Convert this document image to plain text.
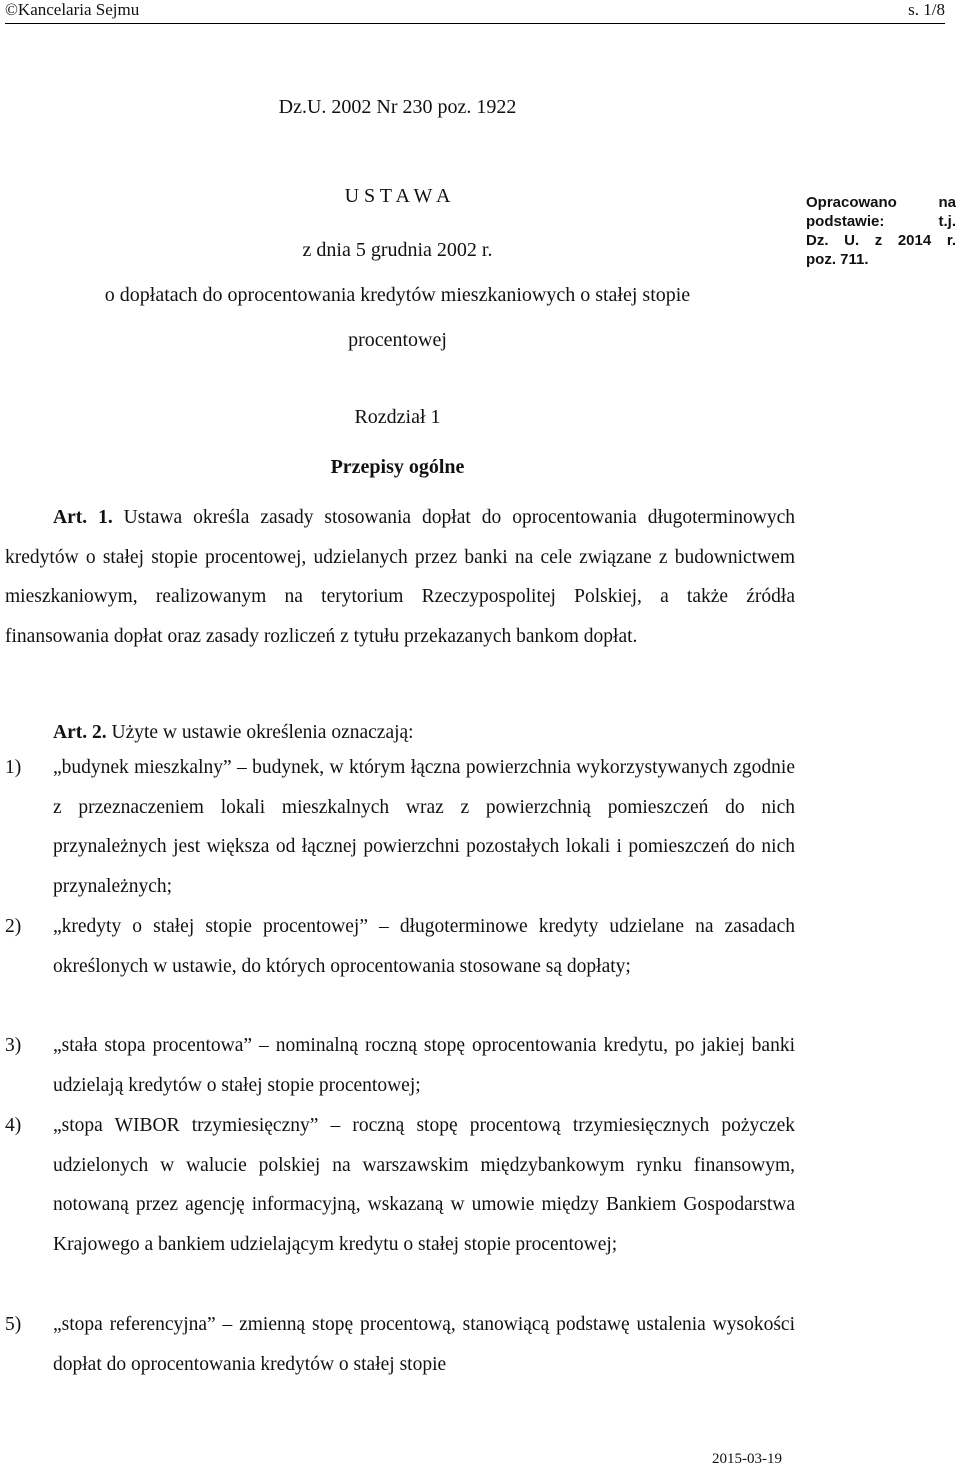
©Kancelaria Sejmu	s. 1/8
Dz.U. 2002 Nr 230 poz. 1922
U S T A W A
z dnia 5 grudnia 2002 r.
o dopłatach do oprocentowania kredytów mieszkaniowych o stałej stopie
procentowej
Opracowano na
podstawie: t.j.
Dz. U. z 2014 r.
poz. 711.
Rozdział 1
Przepisy ogólne
Art. 1. Ustawa określa zasady stosowania dopłat do oprocentowania długoterminowych kredytów o stałej stopie procentowej, udzielanych przez banki na cele związane z budownictwem mieszkaniowym, realizowanym na terytorium Rzeczypospolitej Polskiej, a także źródła finansowania dopłat oraz zasady rozliczeń z tytułu przekazanych bankom dopłat.
Art. 2. Użyte w ustawie określenia oznaczają:
1) „budynek mieszkalny” – budynek, w którym łączna powierzchnia wykorzystywanych zgodnie z przeznaczeniem lokali mieszkalnych wraz z powierzchnią pomieszczeń do nich przynależnych jest większa od łącznej powierzchni pozostałych lokali i pomieszczeń do nich przynależnych;
2) „kredyty o stałej stopie procentowej” – długoterminowe kredyty udzielane na zasadach określonych w ustawie, do których oprocentowania stosowane są dopłaty;
3) „stała stopa procentowa” – nominalną roczną stopę oprocentowania kredytu, po jakiej banki udzielają kredytów o stałej stopie procentowej;
4) „stopa WIBOR trzymiesięczny” – roczną stopę procentową trzymiesięcznych pożyczek udzielonych w walucie polskiej na warszawskim międzybankowym rynku finansowym, notowaną przez agencję informacyjną, wskazaną w umowie między Bankiem Gospodarstwa Krajowego a bankiem udzielającym kredytu o stałej stopie procentowej;
5) „stopa referencyjna” – zmienną stopę procentową, stanowiącą podstawę ustalenia wysokości dopłat do oprocentowania kredytów o stałej stopie
2015-03-19
